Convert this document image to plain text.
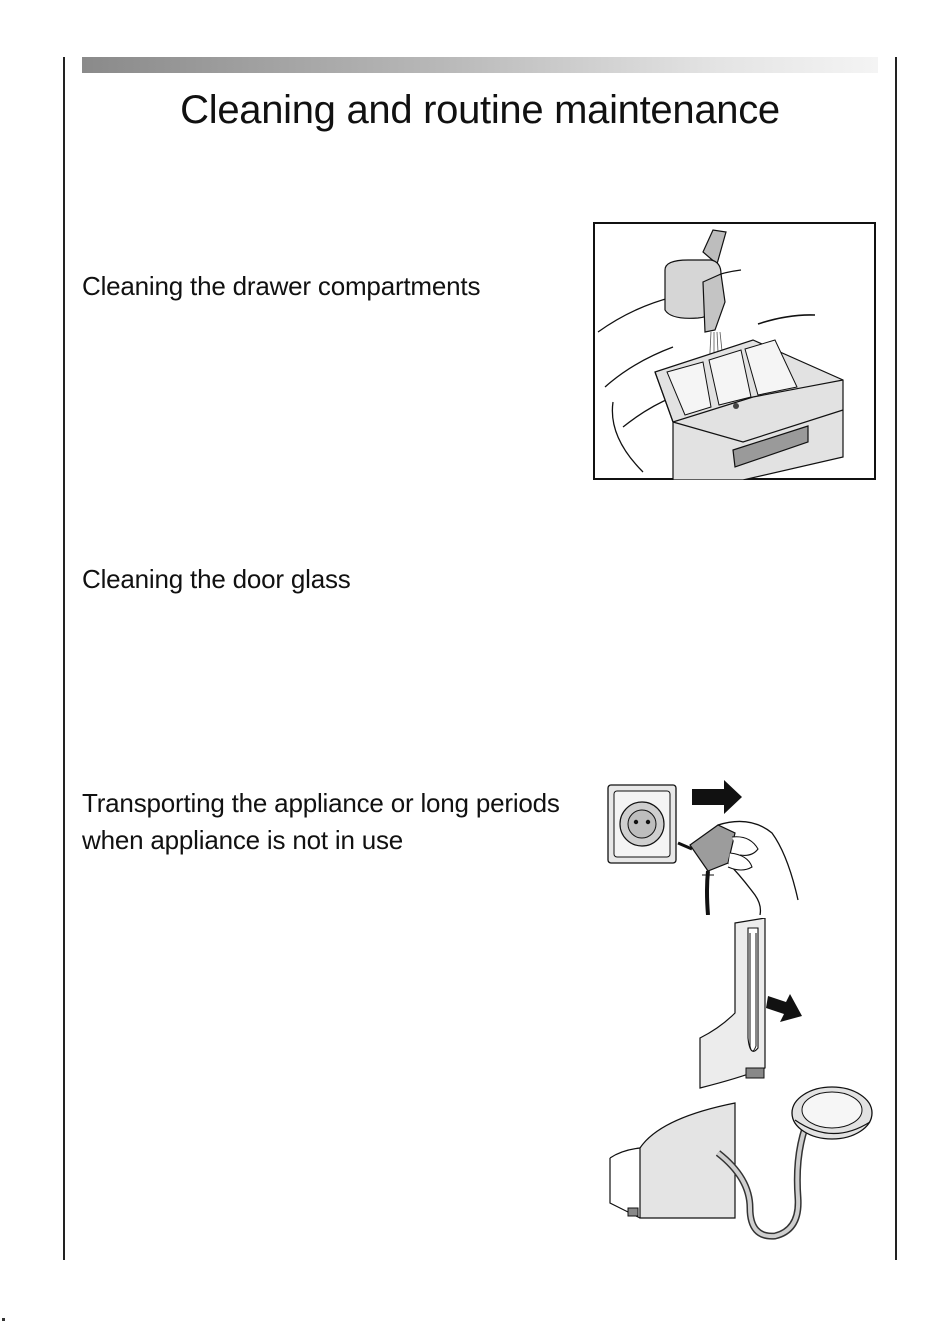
Cleaning and routine maintenance
Cleaning the drawer compartments
Cleaning the door glass
Transporting the appliance or long periods when appliance is not in use
